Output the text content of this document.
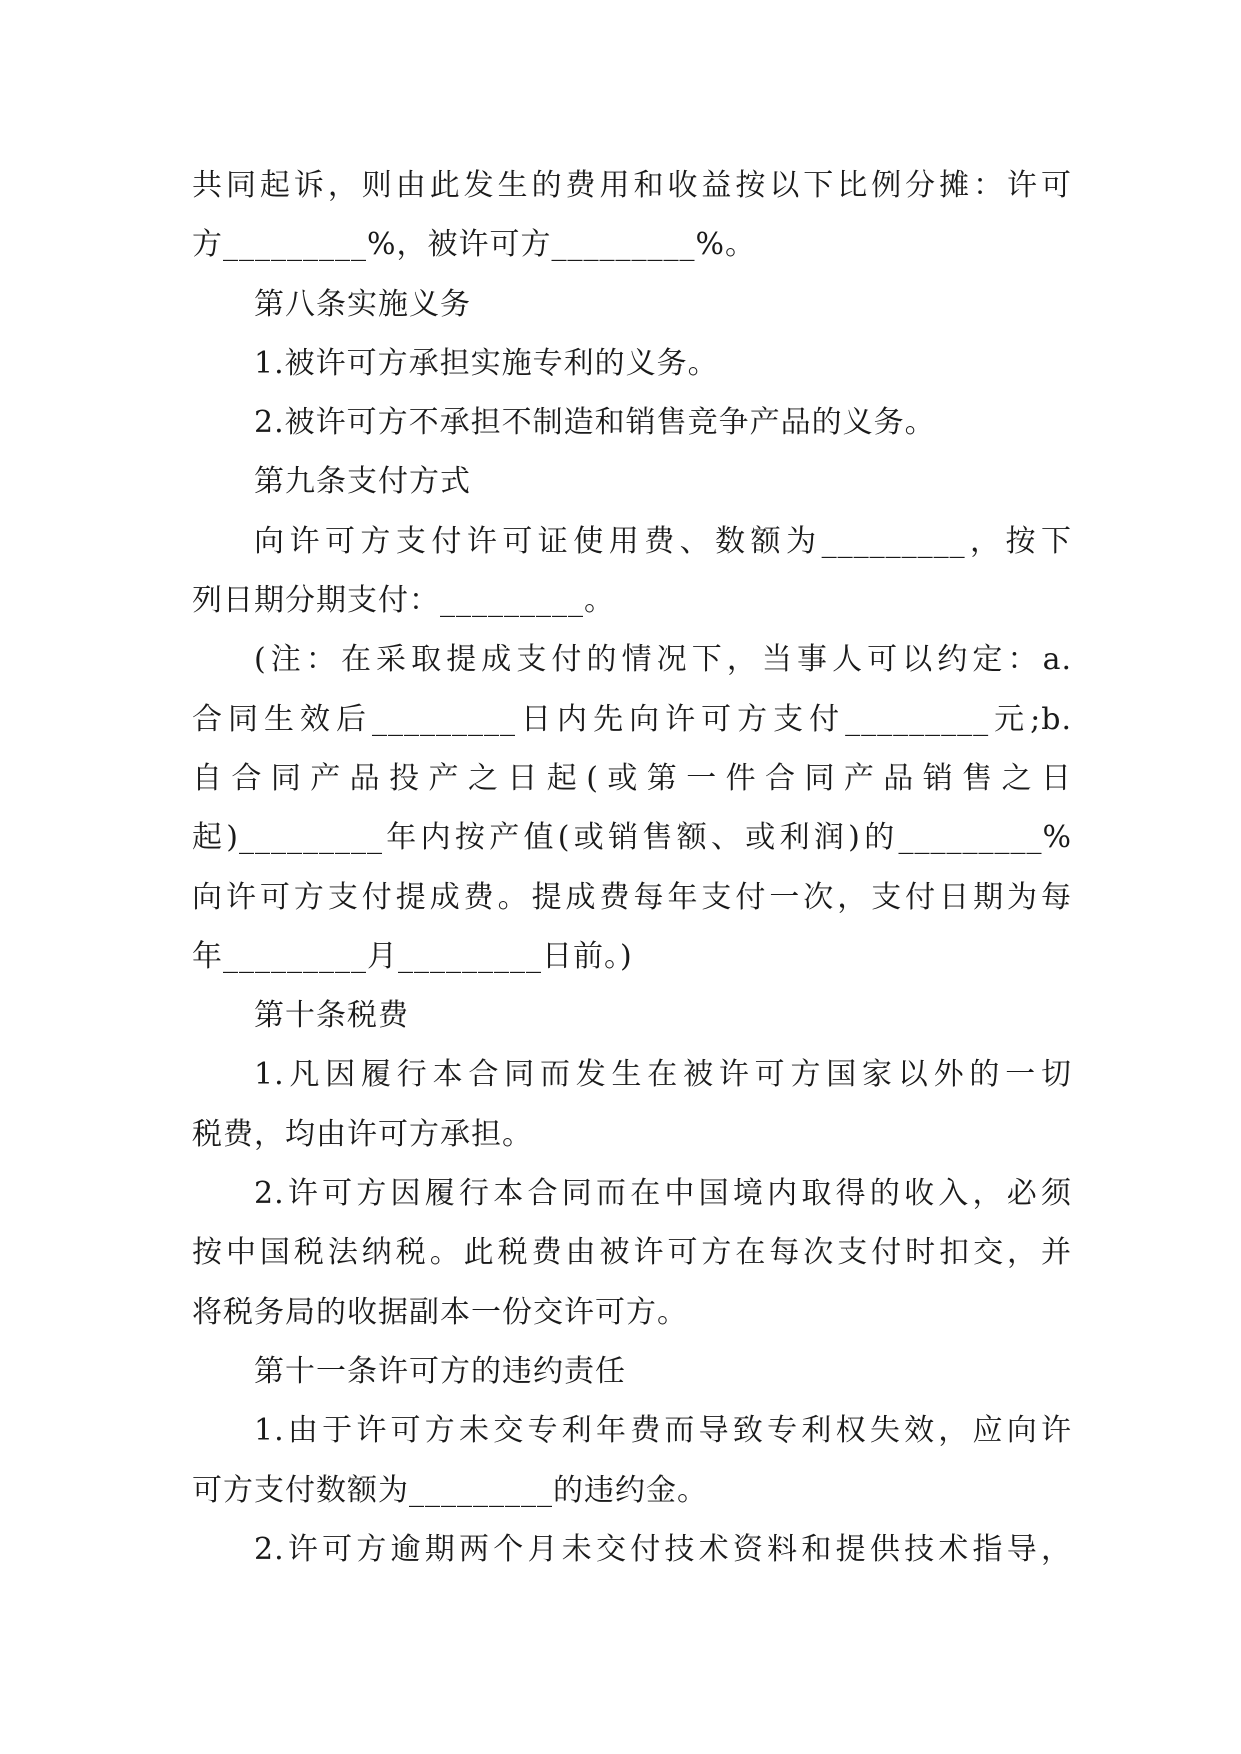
共同起诉，则由此发生的费用和收益按以下比例分摊：许可
方_________%，被许可方_________%。
第八条实施义务
1.被许可方承担实施专利的义务。
2.被许可方不承担不制造和销售竞争产品的义务。
第九条支付方式
向许可方支付许可证使用费、数额为_________，按下
列日期分期支付：_________。
(注：在采取提成支付的情况下，当事人可以约定：a.
合同生效后_________日内先向许可方支付_________元;b.
自合同产品投产之日起(或第一件合同产品销售之日
起)_________年内按产值(或销售额、或利润)的_________%
向许可方支付提成费。提成费每年支付一次，支付日期为每
年_________月_________日前。)
第十条税费
1.凡因履行本合同而发生在被许可方国家以外的一切
税费，均由许可方承担。
2.许可方因履行本合同而在中国境内取得的收入，必须
按中国税法纳税。此税费由被许可方在每次支付时扣交，并
将税务局的收据副本一份交许可方。
第十一条许可方的违约责任
1.由于许可方未交专利年费而导致专利权失效，应向许
可方支付数额为_________的违约金。
2.许可方逾期两个月未交付技术资料和提供技术指导，
